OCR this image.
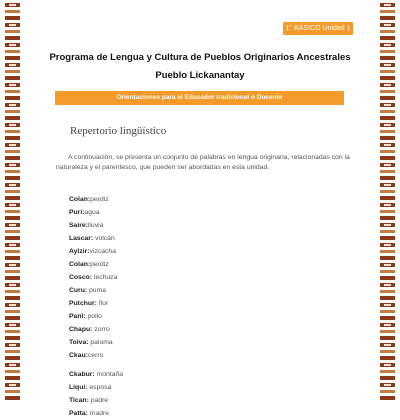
1° BÁSICO Unidad 1
Programa de Lengua y Cultura de Pueblos Originarios Ancestrales
Pueblo Lickanantay
Orientaciones para el Educador tradicional o Docente
Repertorio lingüístico
A continuación, se presenta un conjunto de palabras en lengua originaria, relacionadas con la naturaleza y el parentesco, que pueden ser abordadas en esta unidad.
Colan:perdiz
Puri:agua
Saire:lluvia
Lascar: volcán
Aylzir:vizcacha
Colan:perdiz
Cosco: lechuza
Curu: puma
Putchur: flor
Pani: pollo
Chapu: zorro
Toiva: paloma
Ckau:cerro
Ckabur: montaña
Liqui: esposa
Tican: padre
Patta: madre
